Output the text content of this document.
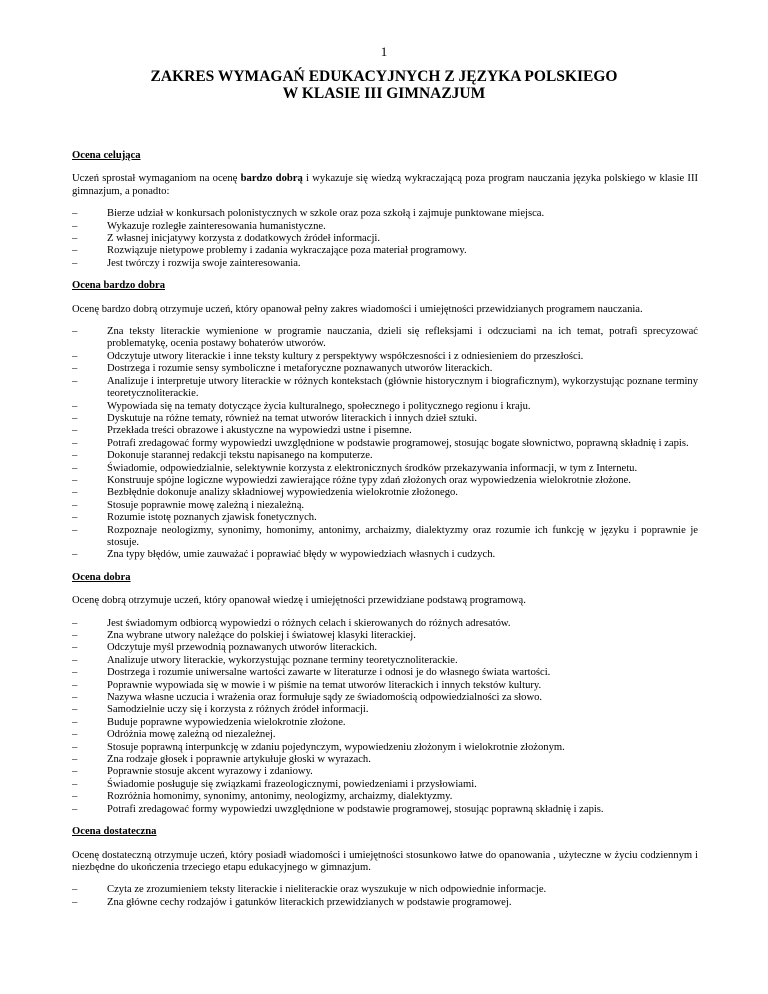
1
ZAKRES WYMAGAŃ EDUKACYJNYCH Z JĘZYKA POLSKIEGO
W KLASIE III GIMNAZJUM

Ocena celująca

Uczeń sprostał wymaganiom na ocenę bardzo dobrą i wykazuje się wiedzą wykraczającą poza program nauczania języka polskiego w klasie III gimnazjum, a ponadto:

– Bierze udział w konkursach polonistycznych w szkole oraz poza szkołą i zajmuje punktowane miejsca.
– Wykazuje rozległe zainteresowania humanistyczne.
– Z własnej inicjatywy korzysta z dodatkowych źródeł informacji.
– Rozwiązuje nietypowe problemy i zadania wykraczające poza materiał programowy.
– Jest twórczy i rozwija swoje zainteresowania.

Ocena bardzo dobra

Ocenę bardzo dobrą otrzymuje uczeń, który opanował pełny zakres wiadomości i umiejętności przewidzianych programem nauczania.

– Zna teksty literackie wymienione w programie nauczania, dzieli się refleksjami i odczuciami na ich temat, potrafi sprecyzować problematykę, ocenia postawy bohaterów utworów.
– Odczytuje utwory literackie i inne teksty kultury z perspektywy współczesności i z odniesieniem do przeszłości.
– Dostrzega i rozumie sensy symboliczne i metaforyczne poznawanych utworów literackich.
– Analizuje i interpretuje utwory literackie w różnych kontekstach (głównie historycznym i biograficznym), wykorzystując poznane terminy teoretycznoliterackie.
– Wypowiada się na tematy dotyczące życia kulturalnego, społecznego i politycznego regionu i kraju.
– Dyskutuje na różne tematy, również na temat utworów literackich i innych dzieł sztuki.
– Przekłada treści obrazowe i akustyczne na wypowiedzi ustne i pisemne.
– Potrafi zredagować formy wypowiedzi uwzględnione w podstawie programowej, stosując bogate słownictwo, poprawną składnię i zapis.
– Dokonuje starannej redakcji tekstu napisanego na komputerze.
– Świadomie, odpowiedzialnie, selektywnie korzysta z elektronicznych środków przekazywania informacji, w tym z Internetu.
– Konstruuje spójne logiczne wypowiedzi zawierające różne typy zdań złożonych oraz wypowiedzenia wielokrotnie złożone.
– Bezbłędnie dokonuje analizy składniowej wypowiedzenia wielokrotnie złożonego.
– Stosuje poprawnie mowę zależną i niezależną.
– Rozumie istotę poznanych zjawisk fonetycznych.
– Rozpoznaje neologizmy, synonimy, homonimy, antonimy, archaizmy, dialektyzmy oraz rozumie ich funkcję w języku i poprawnie je stosuje.
– Zna typy błędów, umie zauważać i poprawiać błędy w wypowiedziach własnych i cudzych.

Ocena dobra

Ocenę dobrą otrzymuje uczeń, który opanował wiedzę i umiejętności przewidziane podstawą programową.

– Jest świadomym odbiorcą wypowiedzi o różnych celach i skierowanych do różnych adresatów.
– Zna wybrane utwory należące do polskiej i światowej klasyki literackiej.
– Odczytuje myśl przewodnią poznawanych utworów literackich.
– Analizuje utwory literackie, wykorzystując poznane terminy teoretycznoliterackie.
– Dostrzega i rozumie uniwersalne wartości zawarte w literaturze i odnosi je do własnego świata wartości.
– Poprawnie wypowiada się w mowie i w piśmie na temat utworów literackich i innych tekstów kultury.
– Nazywa własne uczucia i wrażenia oraz formułuje sądy ze świadomością odpowiedzialności za słowo.
– Samodzielnie uczy się i korzysta z różnych źródeł informacji.
– Buduje poprawne wypowiedzenia wielokrotnie złożone.
– Odróżnia mowę zależną od niezależnej.
– Stosuje poprawną interpunkcję w zdaniu pojedynczym, wypowiedzeniu złożonym i wielokrotnie złożonym.
– Zna rodzaje głosek i poprawnie artykułuje głoski w wyrazach.
– Poprawnie stosuje akcent wyrazowy i zdaniowy.
– Świadomie posługuje się związkami frazeologicznymi, powiedzeniami i przysłowiami.
– Rozróżnia homonimy, synonimy, antonimy, neologizmy, archaizmy, dialektyzmy.
– Potrafi zredagować formy wypowiedzi uwzględnione w podstawie programowej, stosując poprawną składnię i zapis.

Ocena dostateczna

Ocenę dostateczną otrzymuje uczeń, który posiadł wiadomości i umiejętności stosunkowo łatwe do opanowania , użyteczne w życiu codziennym i niezbędne do ukończenia trzeciego etapu edukacyjnego w gimnazjum.

– Czyta ze zrozumieniem teksty literackie i nieliterackie oraz wyszukuje w nich odpowiednie informacje.
– Zna główne cechy rodzajów i gatunków literackich przewidzianych w podstawie programowej.
